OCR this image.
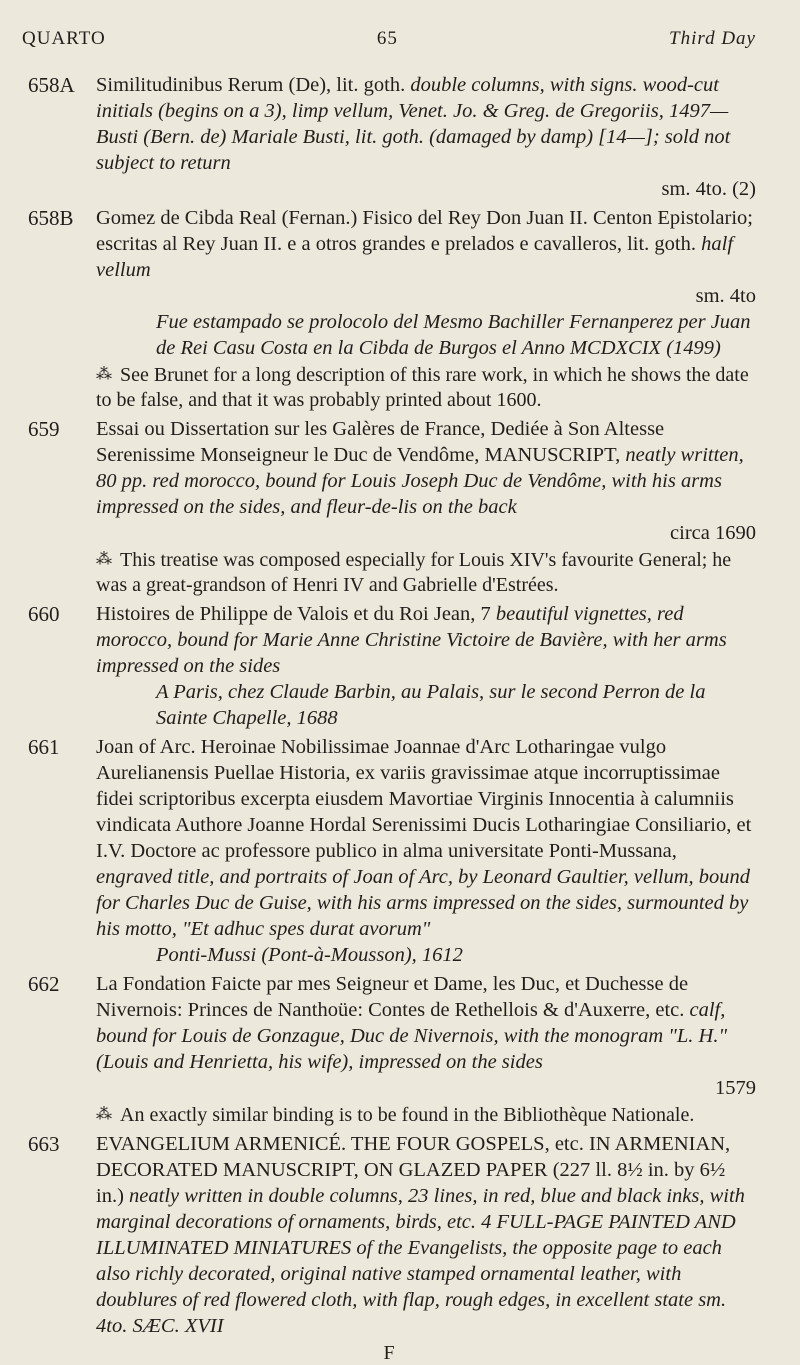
QUARTO	65	Third Day
658A	Similitudinibus Rerum (De), lit. goth. double columns, with signs. wood-cut initials (begins on a 3), limp vellum, Venet. Jo. & Greg. de Gregoriis, 1497—Busti (Bern. de) Mariale Busti, lit. goth. (damaged by damp) [14—]; sold not subject to return
sm. 4to. (2)
658B	Gomez de Cibda Real (Fernan.) Fisico del Rey Don Juan II. Centon Epistolario; escritas al Rey Juan II. e a otros grandes e prelados e cavalleros, lit. goth. half vellum
sm. 4to
Fue estampado se prolocolo del Mesmo Bachiller Fernanperez per Juan de Rei Casu Costa en la Cibda de Burgos el Anno MCDXCIX (1499)
⁂ See Brunet for a long description of this rare work, in which he shows the date to be false, and that it was probably printed about 1600.
659	Essai ou Dissertation sur les Galères de France, Dediée à Son Altesse Serenissime Monseigneur le Duc de Vendôme, MANUSCRIPT, neatly written, 80 pp. red morocco, bound for Louis Joseph Duc de Vendôme, with his arms impressed on the sides, and fleur-de-lis on the back
circa 1690
⁂ This treatise was composed especially for Louis XIV's favourite General; he was a great-grandson of Henri IV and Gabrielle d'Estrées.
660	Histoires de Philippe de Valois et du Roi Jean, 7 beautiful vignettes, red morocco, bound for Marie Anne Christine Victoire de Bavière, with her arms impressed on the sides
A Paris, chez Claude Barbin, au Palais, sur le second Perron de la Sainte Chapelle, 1688
661	Joan of Arc. Heroinae Nobilissimae Joannae d'Arc Lotharingae vulgo Aurelianensis Puellae Historia, ex variis gravissimae atque incorruptissimae fidei scriptoribus excerpta eiusdem Mavortiae Virginis Innocentia à calumniis vindicata Authore Joanne Hordal Serenissimi Ducis Lotharingiae Consiliario, et I.V. Doctore ac professore publico in alma universitate Ponti-Mussana, engraved title, and portraits of Joan of Arc, by Leonard Gaultier, vellum, bound for Charles Duc de Guise, with his arms impressed on the sides, surmounted by his motto, "Et adhuc spes durat avorum"
Ponti-Mussi (Pont-à-Mousson), 1612
662	La Fondation Faicte par mes Seigneur et Dame, les Duc, et Duchesse de Nivernois: Princes de Nanthoüe: Contes de Rethellois & d'Auxerre, etc. calf, bound for Louis de Gonzague, Duc de Nivernois, with the monogram "L. H." (Louis and Henrietta, his wife), impressed on the sides
1579
⁂ An exactly similar binding is to be found in the Bibliothèque Nationale.
663	EVANGELIUM ARMENICÉ. THE FOUR GOSPELS, etc. IN ARMENIAN, DECORATED MANUSCRIPT, ON GLAZED PAPER (227 ll. 8½ in. by 6½ in.) neatly written in double columns, 23 lines, in red, blue and black inks, with marginal decorations of ornaments, birds, etc. 4 FULL-PAGE PAINTED AND ILLUMINATED MINIATURES of the Evangelists, the opposite page to each also richly decorated, original native stamped ornamental leather, with doublures of red flowered cloth, with flap, rough edges, in excellent state sm. 4to. SÆC. XVII
F
